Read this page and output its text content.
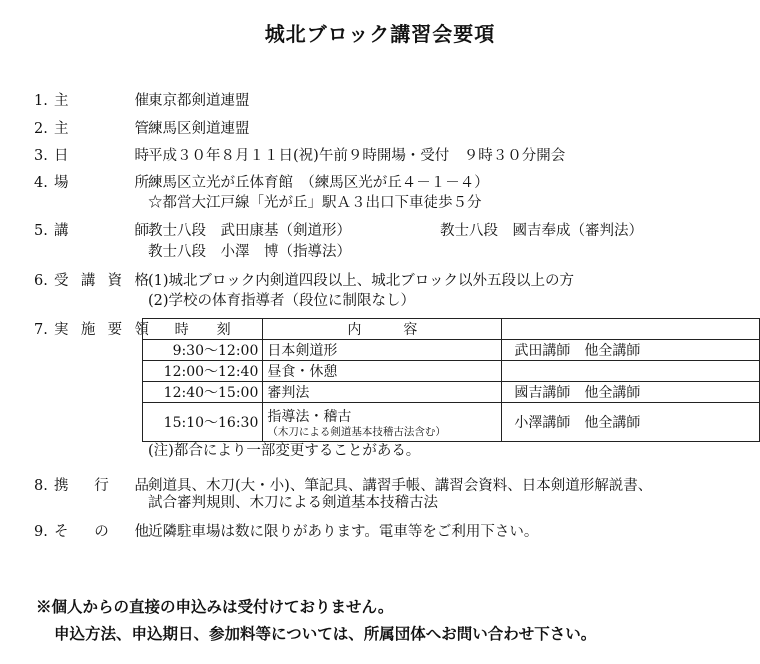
城北ブロック講習会要項
1. 主	催 東京都剣道連盟
2. 主	管 練馬区剣道連盟
3. 日	時 平成３０年８月１１日(祝)午前９時開場・受付　９時３０分開会
4. 場	所 練馬区立光が丘体育館　（練馬区光が丘４－１－４）
☆都営大江戸線「光が丘」駅Ａ３出口下車徒歩５分
5. 講	師 教士八段　武田康基（剣道形）	教士八段　國吉奉成（審判法）
教士八段　小澤　博（指導法）
6. 受 講 資 格 (1)城北ブロック内剣道四段以上、城北ブロック以外五段以上の方
(2)学校の体育指導者（段位に制限なし）
7. 実 施 要 領 時　　刻	内　　　容	
9:30～12:00	日本剣道形	武田講師　他全講師
12:00～12:40	昼食・休憩	
12:40～15:00	審判法	國吉講師　他全講師
15:10～16:30	指導法・稽古
（木刀による剣道基本技稽古法含む）	小澤講師　他全講師
(注)都合により一部変更することがある。
8. 携 行 品 剣道具、木刀(大・小)、筆記具、講習手帳、講習会資料、日本剣道形解説書、
試合審判規則、木刀による剣道基本技稽古法
9. そ の 他 近隣駐車場は数に限りがあります。電車等をご利用下さい。
※個人からの直接の申込みは受付けておりません。
申込方法、申込期日、参加料等については、所属団体へお問い合わせ下さい。
